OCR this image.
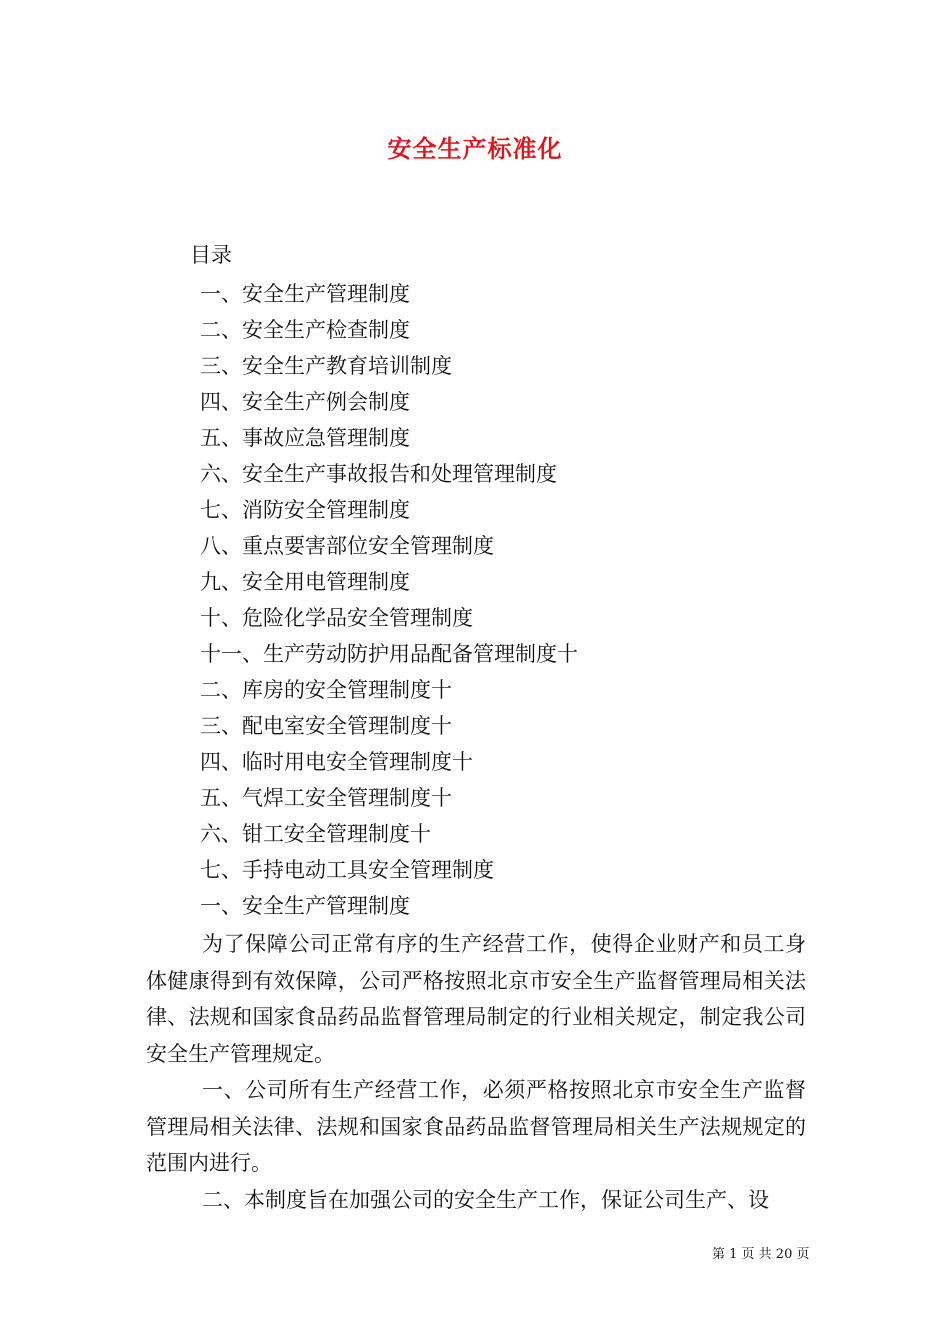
安全生产标准化
目录
一、安全生产管理制度
二、安全生产检查制度
三、安全生产教育培训制度
四、安全生产例会制度
五、事故应急管理制度
六、安全生产事故报告和处理管理制度
七、消防安全管理制度
八、重点要害部位安全管理制度
九、安全用电管理制度
十、危险化学品安全管理制度
十一、生产劳动防护用品配备管理制度十
二、库房的安全管理制度十
三、配电室安全管理制度十
四、临时用电安全管理制度十
五、气焊工安全管理制度十
六、钳工安全管理制度十
七、手持电动工具安全管理制度
一、安全生产管理制度

为了保障公司正常有序的生产经营工作，使得企业财产和员工身体健康得到有效保障，公司严格按照北京市安全生产监督管理局相关法律、法规和国家食品药品监督管理局制定的行业相关规定，制定我公司安全生产管理规定。

一、公司所有生产经营工作，必须严格按照北京市安全生产监督管理局相关法律、法规和国家食品药品监督管理局相关生产法规规定的范围内进行。

二、本制度旨在加强公司的安全生产工作，保证公司生产、设

第 1 页 共 20 页
